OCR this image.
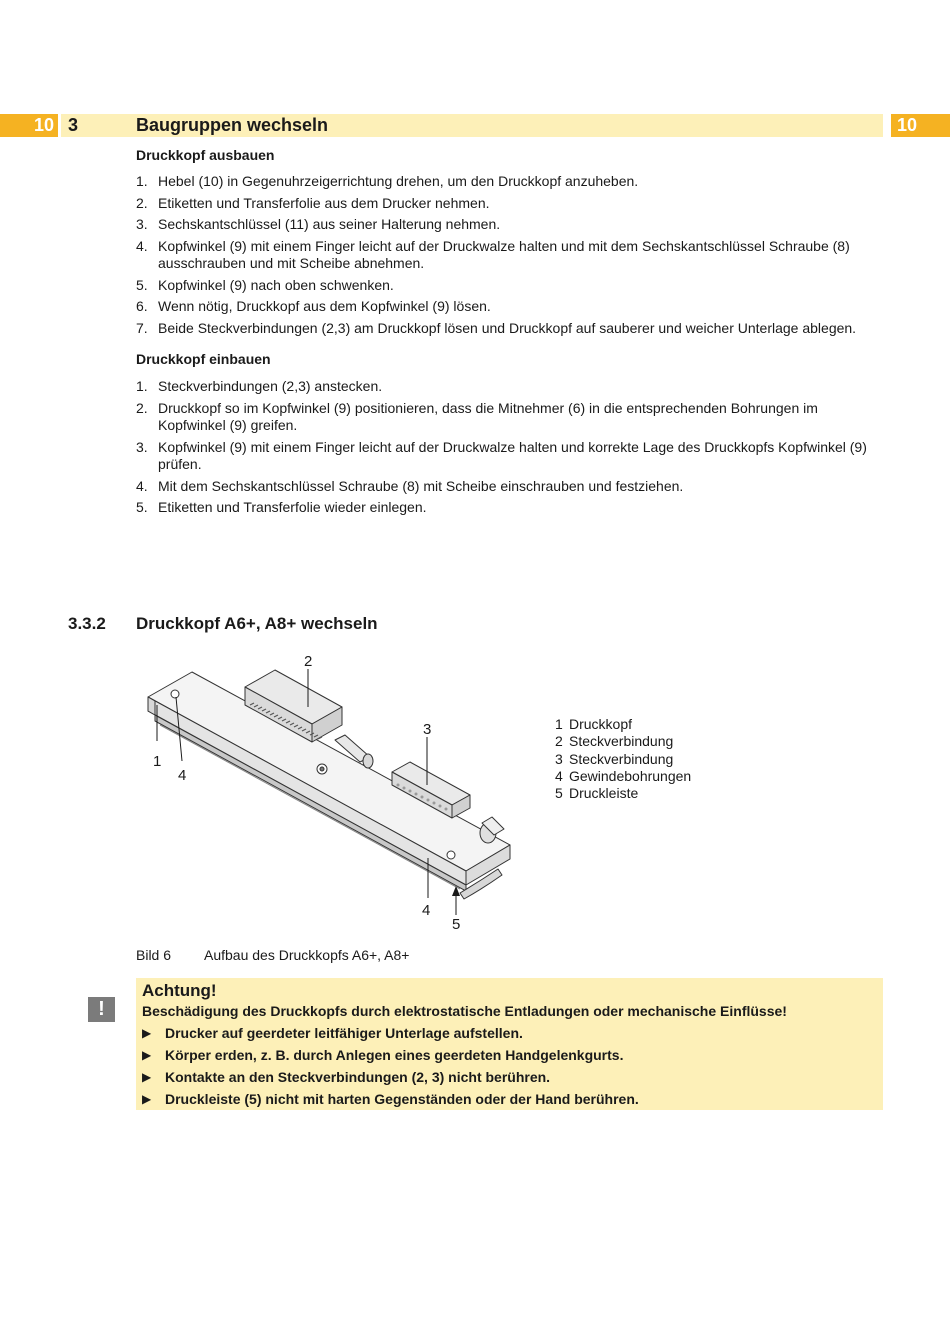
10 3	Baugruppen wechseln	10
Druckkopf ausbauen
1. Hebel (10) in Gegenuhrzeigerrichtung drehen, um den Druckkopf anzuheben.
2. Etiketten und Transferfolie aus dem Drucker nehmen.
3. Sechskantschlüssel (11) aus seiner Halterung nehmen.
4. Kopfwinkel (9) mit einem Finger leicht auf der Druckwalze halten und mit dem Sechskantschlüssel Schraube (8) ausschrauben und mit Scheibe abnehmen.
5. Kopfwinkel (9) nach oben schwenken.
6. Wenn nötig, Druckkopf aus dem Kopfwinkel (9) lösen.
7. Beide Steckverbindungen (2,3) am Druckkopf lösen und Druckkopf auf sauberer und weicher Unterlage ablegen.
Druckkopf einbauen
1. Steckverbindungen (2,3) anstecken.
2. Druckkopf so im Kopfwinkel (9) positionieren, dass die Mitnehmer (6) in die entsprechenden Bohrungen im Kopfwinkel (9) greifen.
3. Kopfwinkel (9) mit einem Finger leicht auf der Druckwalze halten und korrekte Lage des Druckkopfs Kopfwinkel (9) prüfen.
4. Mit dem Sechskantschlüssel Schraube (8) mit Scheibe einschrauben und festziehen.
5. Etiketten und Transferfolie wieder einlegen.
3.3.2 Druckkopf A6+, A8+ wechseln
2
3
1
4
4
5
1 Druckkopf
2 Steckverbindung
3 Steckverbindung
4 Gewindebohrungen
5 Druckleiste
Bild 6 Aufbau des Druckkopfs A6+, A8+
!
Achtung!
Beschädigung des Druckkopfs durch elektrostatische Entladungen oder mechanische Einflüsse!
▶ Drucker auf geerdeter leitfähiger Unterlage aufstellen.
▶ Körper erden, z. B. durch Anlegen eines geerdeten Handgelenkgurts.
▶ Kontakte an den Steckverbindungen (2, 3) nicht berühren.
▶ Druckleiste (5) nicht mit harten Gegenständen oder der Hand berühren.
